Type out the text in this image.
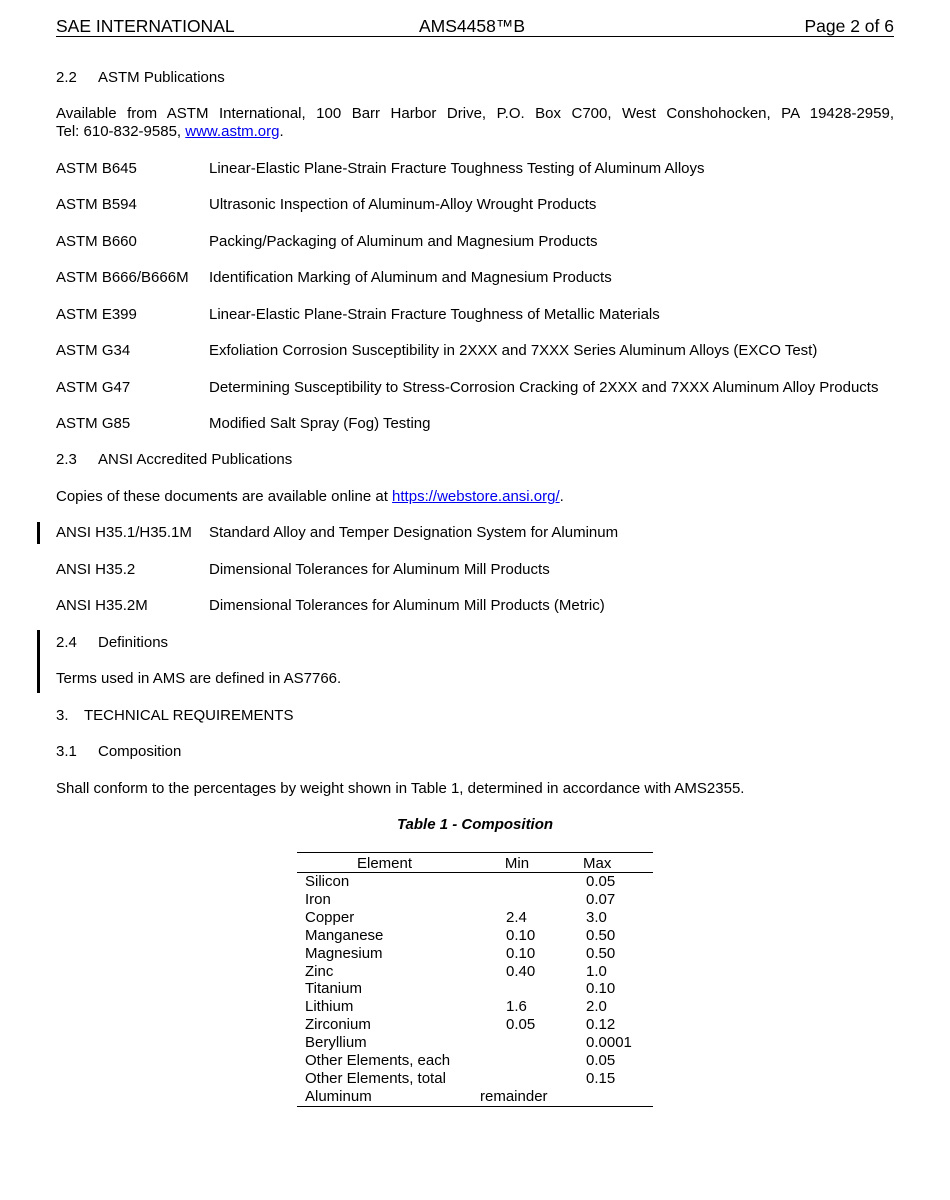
SAE INTERNATIONAL	AMS4458™B	Page 2 of 6
2.2 ASTM Publications
Available from ASTM International, 100 Barr Harbor Drive, P.O. Box C700, West Conshohocken, PA 19428-2959,
Tel: 610-832-9585, www.astm.org.
ASTM B645	Linear-Elastic Plane-Strain Fracture Toughness Testing of Aluminum Alloys
ASTM B594	Ultrasonic Inspection of Aluminum-Alloy Wrought Products
ASTM B660	Packing/Packaging of Aluminum and Magnesium Products
ASTM B666/B666M Identification Marking of Aluminum and Magnesium Products
ASTM E399	Linear-Elastic Plane-Strain Fracture Toughness of Metallic Materials
ASTM G34	Exfoliation Corrosion Susceptibility in 2XXX and 7XXX Series Aluminum Alloys (EXCO Test)
ASTM G47	Determining Susceptibility to Stress-Corrosion Cracking of 2XXX and 7XXX Aluminum Alloy Products
ASTM G85	Modified Salt Spray (Fog) Testing
2.3 ANSI Accredited Publications
Copies of these documents are available online at https://webstore.ansi.org/.
ANSI H35.1/H35.1M Standard Alloy and Temper Designation System for Aluminum
ANSI H35.2	Dimensional Tolerances for Aluminum Mill Products
ANSI H35.2M	Dimensional Tolerances for Aluminum Mill Products (Metric)
2.4 Definitions
Terms used in AMS are defined in AS7766.
3. TECHNICAL REQUIREMENTS
3.1 Composition
Shall conform to the percentages by weight shown in Table 1, determined in accordance with AMS2355.
Table 1 - Composition
Element	Min	Max
Silicon		0.05
Iron		0.07
Copper	2.4	3.0
Manganese	0.10	0.50
Magnesium	0.10	0.50
Zinc	0.40	1.0
Titanium		0.10
Lithium	1.6	2.0
Zirconium	0.05	0.12
Beryllium		0.0001
Other Elements, each		0.05
Other Elements, total		0.15
Aluminum	remainder	
